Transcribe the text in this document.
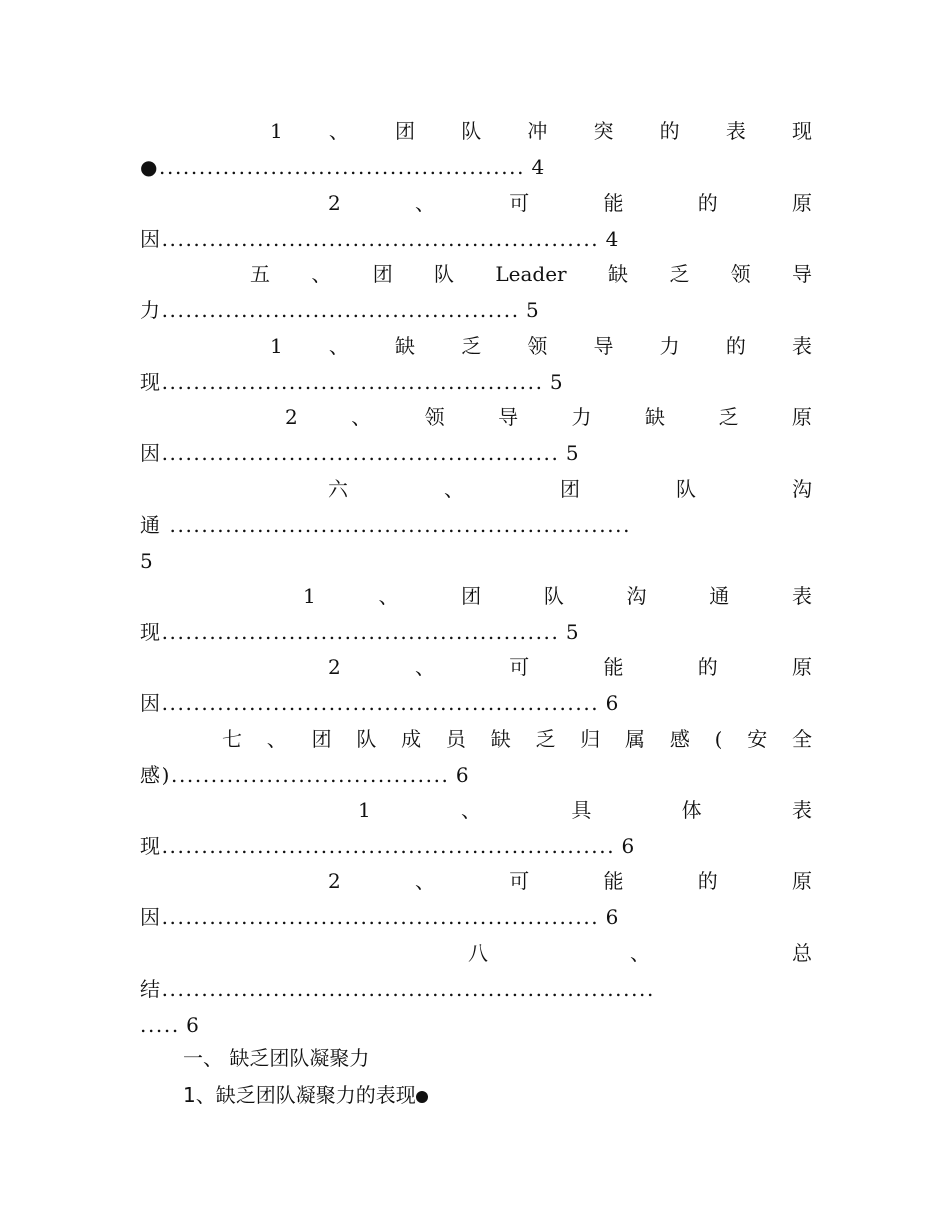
1 、 团 队 冲 突 的 表 现
●.............................................. 4
2	、	可	能	的	原
因....................................................... 4
五 、 团 队 Leader 缺 乏 领 导
力............................................. 5
1 、 缺 乏 领 导 力 的 表
现................................................ 5
2	、	领	导	力	缺	乏	原
因.................................................. 5
六	、	团	队	沟
通 ..........................................................
5
1	、	团	队	沟	通	表
现.................................................. 5
2	、	可	能	的	原
因....................................................... 6
七 、 团 队 成 员 缺 乏 归 属 感 ( 安 全
感)................................... 6
1	、	具	体	表
现......................................................... 6
2	、	可	能	的	原
因....................................................... 6
八	、	总
结..............................................................
..... 6
一、 缺乏团队凝聚力
1、缺乏团队凝聚力的表现
